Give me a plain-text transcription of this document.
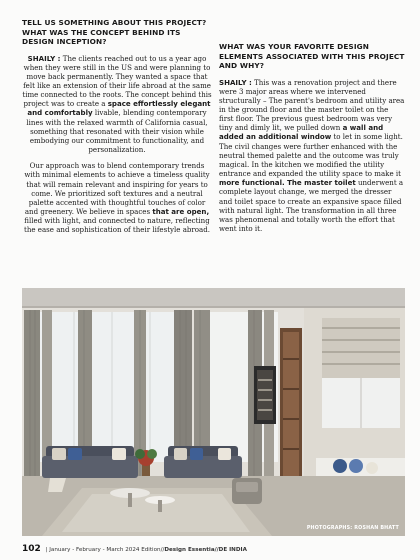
TELL US SOMETHING ABOUT THIS PROJECT? WHAT WAS THE CONCEPT BEHIND ITS DESIGN INCEPTION?

SHAILY : The clients reached out to us a year ago when they were still in the US and were planning to move back permanently. They wanted a space that felt like an extension of their life abroad at the same time connected to the roots. The concept behind this project was to create a space effortlessly elegant and comfortably livable, blending contemporary lines with the relaxed warmth of California casual, something that resonated with their vision while embodying our commitment to functionality, and personalization.

Our approach was to blend contemporary trends with minimal elements to achieve a timeless quality that will remain relevant and inspiring for years to come. We prioritized soft textures and a neutral palette accented with thoughtful touches of color and greenery. We believe in spaces that are open, filled with light, and connected to nature, reflecting the ease and sophistication of their lifestyle abroad.

WHAT WAS YOUR FAVORITE DESIGN ELEMENTS ASSOCIATED WITH THIS PROJECT AND WHY?

SHAILY : This was a renovation project and there were 3 major areas where we intervened structurally – The parent's bedroom and utility area in the ground floor and the master toilet on the first floor. The previous guest bedroom was very tiny and dimly lit, we pulled down a wall and added an additional window to let in some light. The civil changes were further enhanced with the neutral themed palette and the outcome was truly magical. In the kitchen we modified the utility entrance and expanded the utility space to make it more functional. The master toilet underwent a complete layout change, we merged the dresser and toilet space to create an expansive space filled with natural light. The transformation in all three was phenomenal and totally worth the effort that went into it.

PHOTOGRAPHS: ROSHAN BHATT
102 | January - February - March 2024 Edition//Design Essentia//DE INDIA
